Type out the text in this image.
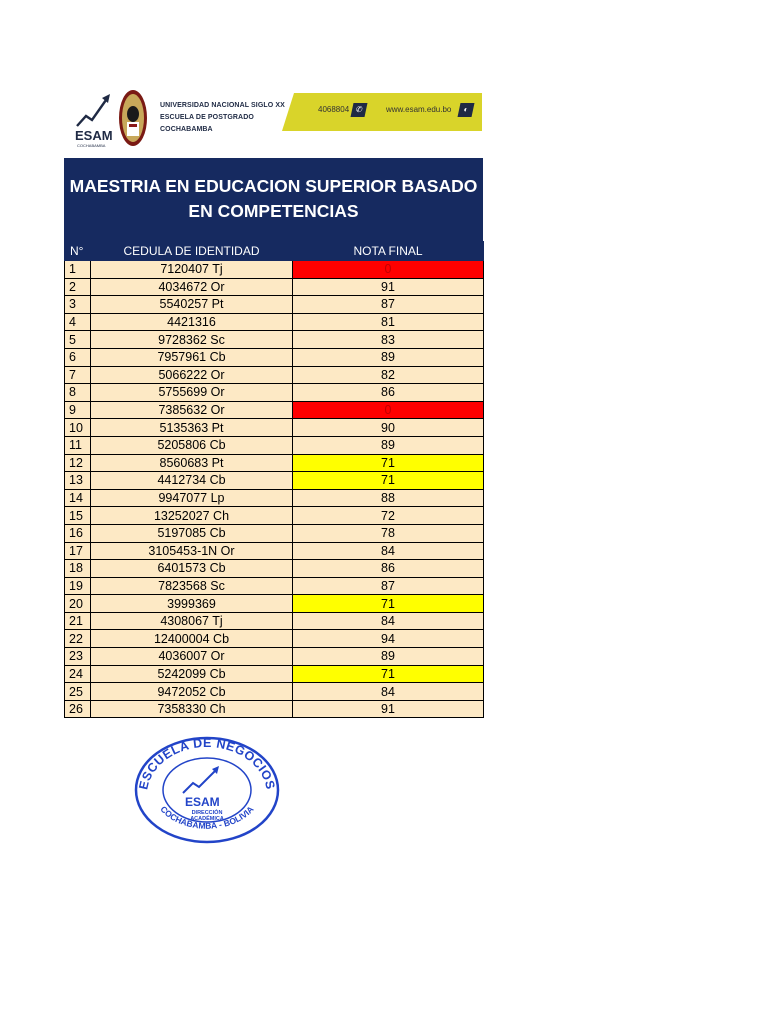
ESAM
COCHABAMBA
UNIVERSIDAD NACIONAL SIGLO XX
ESCUELA DE POSTGRADO
COCHABAMBA
4068804 ✆	www.esam.edu.bo	◐
MAESTRIA EN EDUCACION SUPERIOR BASADO
EN COMPETENCIAS
N°	CEDULA DE IDENTIDAD	NOTA FINAL
1	7120407 Tj	0
2	4034672 Or	91
3	5540257 Pt	87
4	4421316	81
5	9728362 Sc	83
6	7957961 Cb	89
7	5066222 Or	82
8	5755699 Or	86
9	7385632 Or	0
10	5135363 Pt	90
11	5205806 Cb	89
12	8560683 Pt	71
13	4412734 Cb	71
14	9947077 Lp	88
15	13252027 Ch	72
16	5197085 Cb	78
17	3105453-1N Or	84
18	6401573 Cb	86
19	7823568 Sc	87
20	3999369	71
21	4308067 Tj	84
22	12400004 Cb	94
23	4036007 Or	89
24	5242099 Cb	71
25	9472052 Cb	84
26	7358330 Ch	91
ESCUELA DE NEGOCIOS
COCHABAMBA - BOLIVIA
ESAM
DIRECCIÓN
ACADÉMICA
